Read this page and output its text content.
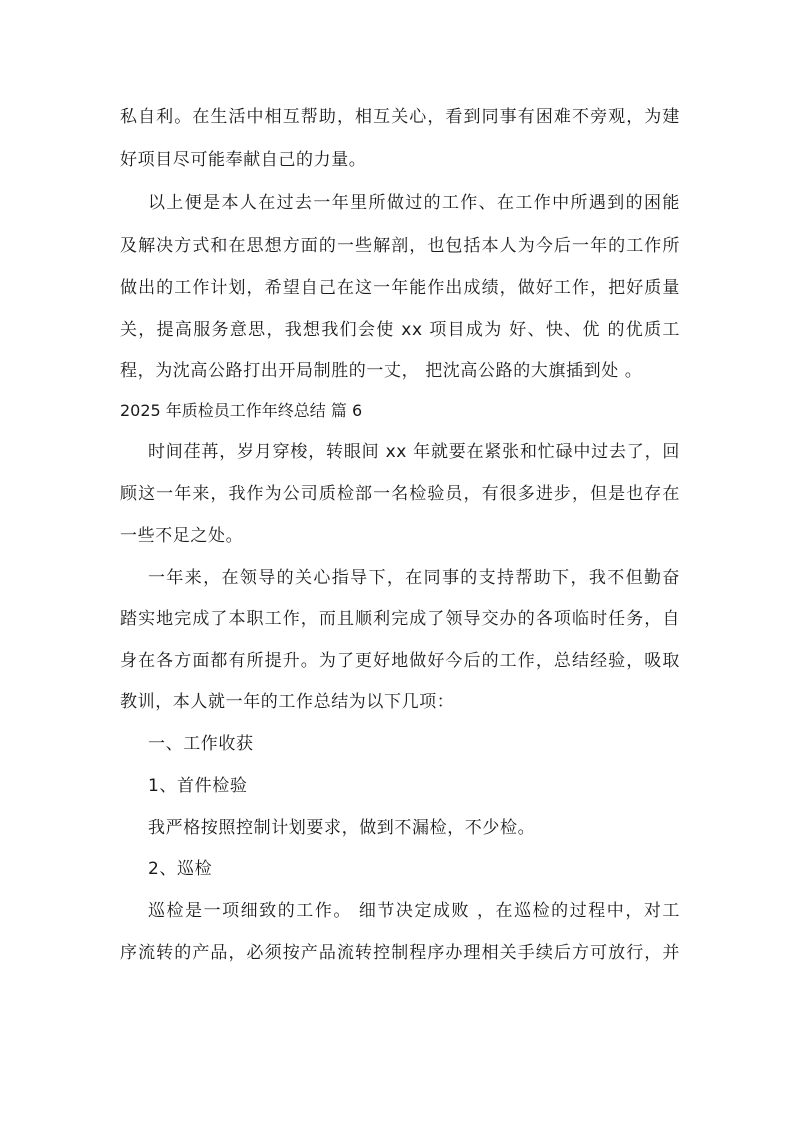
私自利。在生活中相互帮助，相互关心，看到同事有困难不旁观，为建
好项目尽可能奉献自己的力量。
以上便是本人在过去一年里所做过的工作、在工作中所遇到的困能
及解决方式和在思想方面的一些解剖，也包括本人为今后一年的工作所
做出的工作计划，希望自己在这一年能作出成绩，做好工作，把好质量
关，提高服务意思，我想我们会使 xx 项目成为 好、快、优 的优质工
程，为沈高公路打出开局制胜的一丈， 把沈高公路的大旗插到处 。
2025 年质检员工作年终总结 篇 6
时间荏苒，岁月穿梭，转眼间 xx 年就要在紧张和忙碌中过去了，回
顾这一年来，我作为公司质检部一名检验员，有很多进步，但是也存在
一些不足之处。
一年来，在领导的关心指导下，在同事的支持帮助下，我不但勤奋
踏实地完成了本职工作，而且顺利完成了领导交办的各项临时任务，自
身在各方面都有所提升。为了更好地做好今后的工作，总结经验，吸取
教训，本人就一年的工作总结为以下几项：
一、工作收获
1、首件检验
我严格按照控制计划要求，做到不漏检，不少检。
2、巡检
巡检是一项细致的工作。 细节决定成败 ，在巡检的过程中，对工
序流转的产品，必须按产品流转控制程序办理相关手续后方可放行，并
